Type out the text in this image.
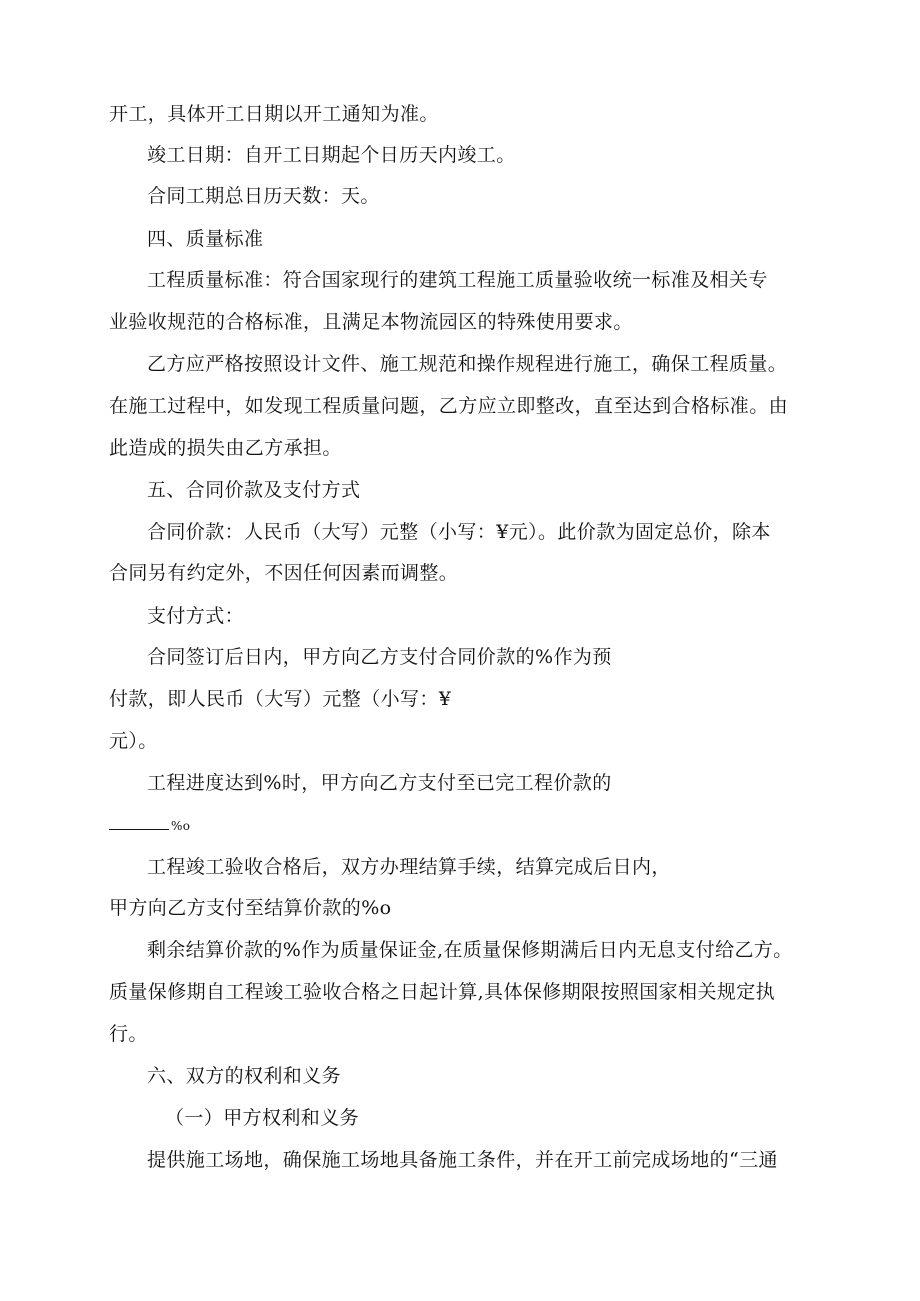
开工，具体开工日期以开工通知为准。
竣工日期：自开工日期起个日历天内竣工。
合同工期总日历天数：天。
四、质量标准
工程质量标准：符合国家现行的建筑工程施工质量验收统一标准及相关专
业验收规范的合格标准，且满足本物流园区的特殊使用要求。
乙方应严格按照设计文件、施工规范和操作规程进行施工，确保工程质量。
在施工过程中，如发现工程质量问题，乙方应立即整改，直至达到合格标准。由
此造成的损失由乙方承担。
五、合同价款及支付方式
合同价款：人民币（大写）元整（小写：¥元）。此价款为固定总价，除本
合同另有约定外，不因任何因素而调整。
支付方式：
合同签订后日内，甲方向乙方支付合同价款的%作为预
付款，即人民币（大写）元整（小写：¥
元）。
工程进度达到%时，甲方向乙方支付至已完工程价款的
%o
工程竣工验收合格后，双方办理结算手续，结算完成后日内，
甲方向乙方支付至结算价款的%o
剩余结算价款的%作为质量保证金,在质量保修期满后日内无息支付给乙方。
质量保修期自工程竣工验收合格之日起计算,具体保修期限按照国家相关规定执
行。
六、双方的权利和义务
（一）甲方权利和义务
提供施工场地，确保施工场地具备施工条件，并在开工前完成场地的“三通
